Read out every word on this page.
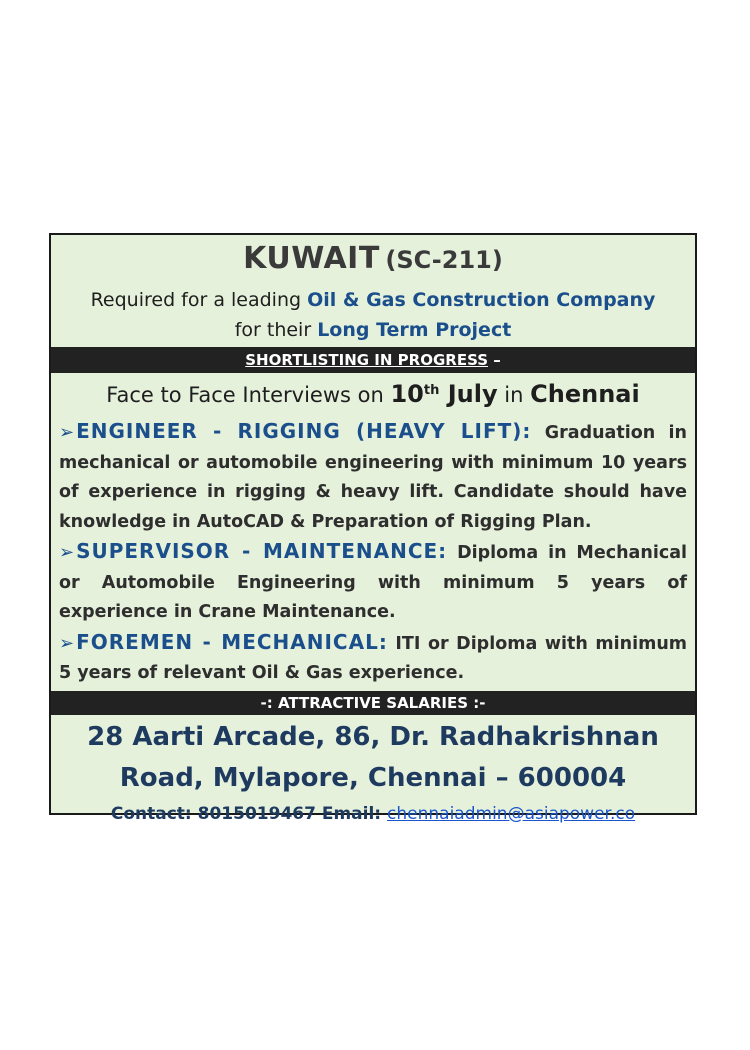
KUWAIT (SC-211)
Required for a leading Oil & Gas Construction Company
for their Long Term Project
SHORTLISTING IN PROGRESS –
Face to Face Interviews on 10th July in Chennai
➢ ENGINEER - RIGGING (HEAVY LIFT): Graduation in mechanical or automobile engineering with minimum 10 years of experience in rigging & heavy lift. Candidate should have knowledge in AutoCAD & Preparation of Rigging Plan.
➢ SUPERVISOR - MAINTENANCE: Diploma in Mechanical or Automobile Engineering with minimum 5 years of experience in Crane Maintenance.
➢ FOREMEN - MECHANICAL: ITI or Diploma with minimum 5 years of relevant Oil & Gas experience.
-: ATTRACTIVE SALARIES :-
28 Aarti Arcade, 86, Dr. Radhakrishnan
Road, Mylapore, Chennai – 600004
Contact: 8015019467 Email: chennaiadmin@asiapower.co
